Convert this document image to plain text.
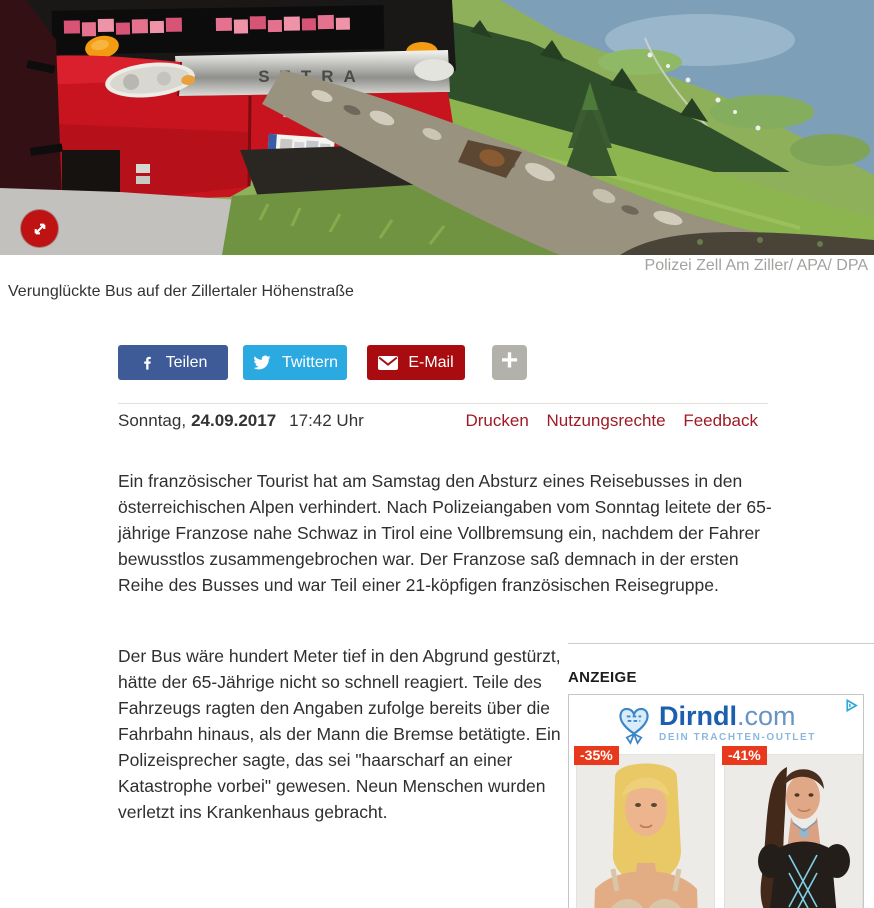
SETRA
Polizei Zell Am Ziller/ APA/ DPA
Verunglückte Bus auf der Zillertaler Höhenstraße
Teilen	Twittern	E-Mail +
Sonntag, 24.09.2017 17:42 Uhr	Drucken Nutzungsrechte Feedback

Ein französischer Tourist hat am Samstag den Absturz eines Reisebusses in den österreichischen Alpen verhindert. Nach Polizeiangaben vom Sonntag leitete der 65-jährige Franzose nahe Schwaz in Tirol eine Vollbremsung ein, nachdem der Fahrer bewusstlos zusammengebrochen war. Der Franzose saß demnach in der ersten Reihe des Busses und war Teil einer 21-köpfigen französischen Reisegruppe.

Der Bus wäre hundert Meter tief in den Abgrund gestürzt, hätte der 65-Jährige nicht so schnell reagiert. Teile des Fahrzeugs ragten den Angaben zufolge bereits über die Fahrbahn hinaus, als der Mann die Bremse betätigte. Ein Polizeisprecher sagte, das sei "haarscharf an einer Katastrophe vorbei" gewesen. Neun Menschen wurden verletzt ins Krankenhaus gebracht.

ANZEIGE
Dirndl.com
DEIN TRACHTEN-OUTLET
-35%	-41%
